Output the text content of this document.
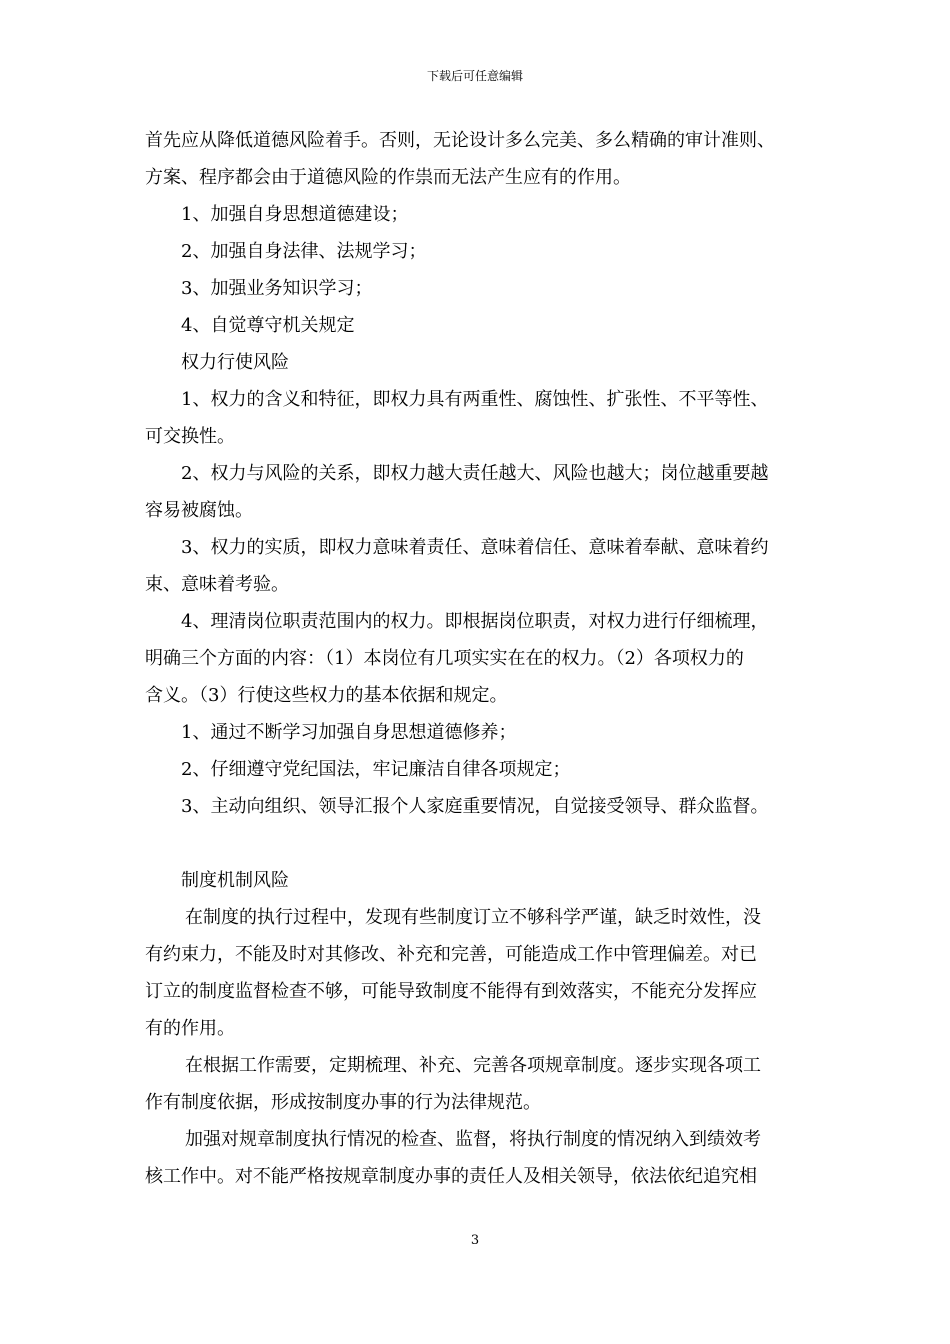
下载后可任意编辑

首先应从降低道德风险着手。否则，无论设计多么完美、多么精确的审计准则、

方案、程序都会由于道德风险的作祟而无法产生应有的作用。

1、加强自身思想道德建设；

2、加强自身法律、法规学习；

3、加强业务知识学习；

4、自觉尊守机关规定

权力行使风险

1、权力的含义和特征，即权力具有两重性、腐蚀性、扩张性、不平等性、

可交换性。

2、权力与风险的关系，即权力越大责任越大、风险也越大；岗位越重要越

容易被腐蚀。

3、权力的实质，即权力意味着责任、意味着信任、意味着奉献、意味着约

束、意味着考验。

4、理清岗位职责范围内的权力。即根据岗位职责，对权力进行仔细梳理，

明确三个方面的内容：（1）本岗位有几项实实在在的权力。（2）各项权力的

含义。（3）行使这些权力的基本依据和规定。

1、通过不断学习加强自身思想道德修养；

2、仔细遵守党纪国法，牢记廉洁自律各项规定；

3、主动向组织、领导汇报个人家庭重要情况，自觉接受领导、群众监督。

制度机制风险

在制度的执行过程中，发现有些制度订立不够科学严谨，缺乏时效性，没

有约束力，不能及时对其修改、补充和完善，可能造成工作中管理偏差。对已

订立的制度监督检查不够，可能导致制度不能得有到效落实，不能充分发挥应

有的作用。

在根据工作需要，定期梳理、补充、完善各项规章制度。逐步实现各项工

作有制度依据，形成按制度办事的行为法律规范。

加强对规章制度执行情况的检查、监督，将执行制度的情况纳入到绩效考

核工作中。对不能严格按规章制度办事的责任人及相关领导，依法依纪追究相

3
